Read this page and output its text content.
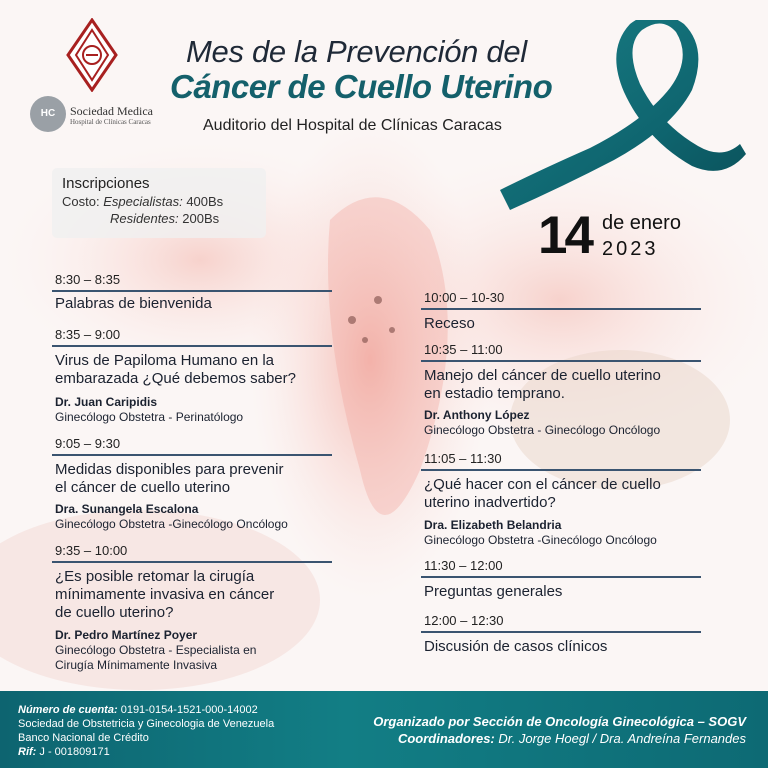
HC	Sociedad Medica
Hospital de Clínicas Caracas
Mes de la Prevención del
Cáncer de Cuello Uterino
Auditorio del Hospital de Clínicas Caracas
Inscripciones
Costo: Especialistas: 400Bs
Residentes: 200Bs	14 de enero
2023
8:30 – 8:35
Palabras de bienvenida
8:35 – 9:00
Virus de Papiloma Humano en la
embarazada ¿Qué debemos saber?
Dr. Juan Caripidis
Ginecólogo Obstetra - Perinatólogo
9:05 – 9:30
Medidas disponibles para prevenir
el cáncer de cuello uterino
Dra. Sunangela Escalona
Ginecólogo Obstetra -Ginecólogo Oncólogo
9:35 – 10:00
¿Es posible retomar la cirugía
mínimamente invasiva en cáncer
de cuello uterino?
Dr. Pedro Martínez Poyer
Ginecólogo Obstetra - Especialista en
Cirugía Mínimamente Invasiva
10:00 – 10-30
Receso
10:35 – 11:00
Manejo del cáncer de cuello uterino
en estadio temprano.
Dr. Anthony López
Ginecólogo Obstetra - Ginecólogo Oncólogo
11:05 – 11:30
¿Qué hacer con el cáncer de cuello
uterino inadvertido?
Dra. Elizabeth Belandria
Ginecólogo Obstetra -Ginecólogo Oncólogo
11:30 – 12:00
Preguntas generales
12:00 – 12:30
Discusión de casos clínicos
Número de cuenta: 0191-0154-1521-000-14002
Sociedad de Obstetricia y Ginecologia de Venezuela
Banco Nacional de Crédito
Rif: J - 001809171
Organizado por Sección de Oncología Ginecológica – SOGV
Coordinadores: Dr. Jorge Hoegl / Dra. Andreína Fernandes
